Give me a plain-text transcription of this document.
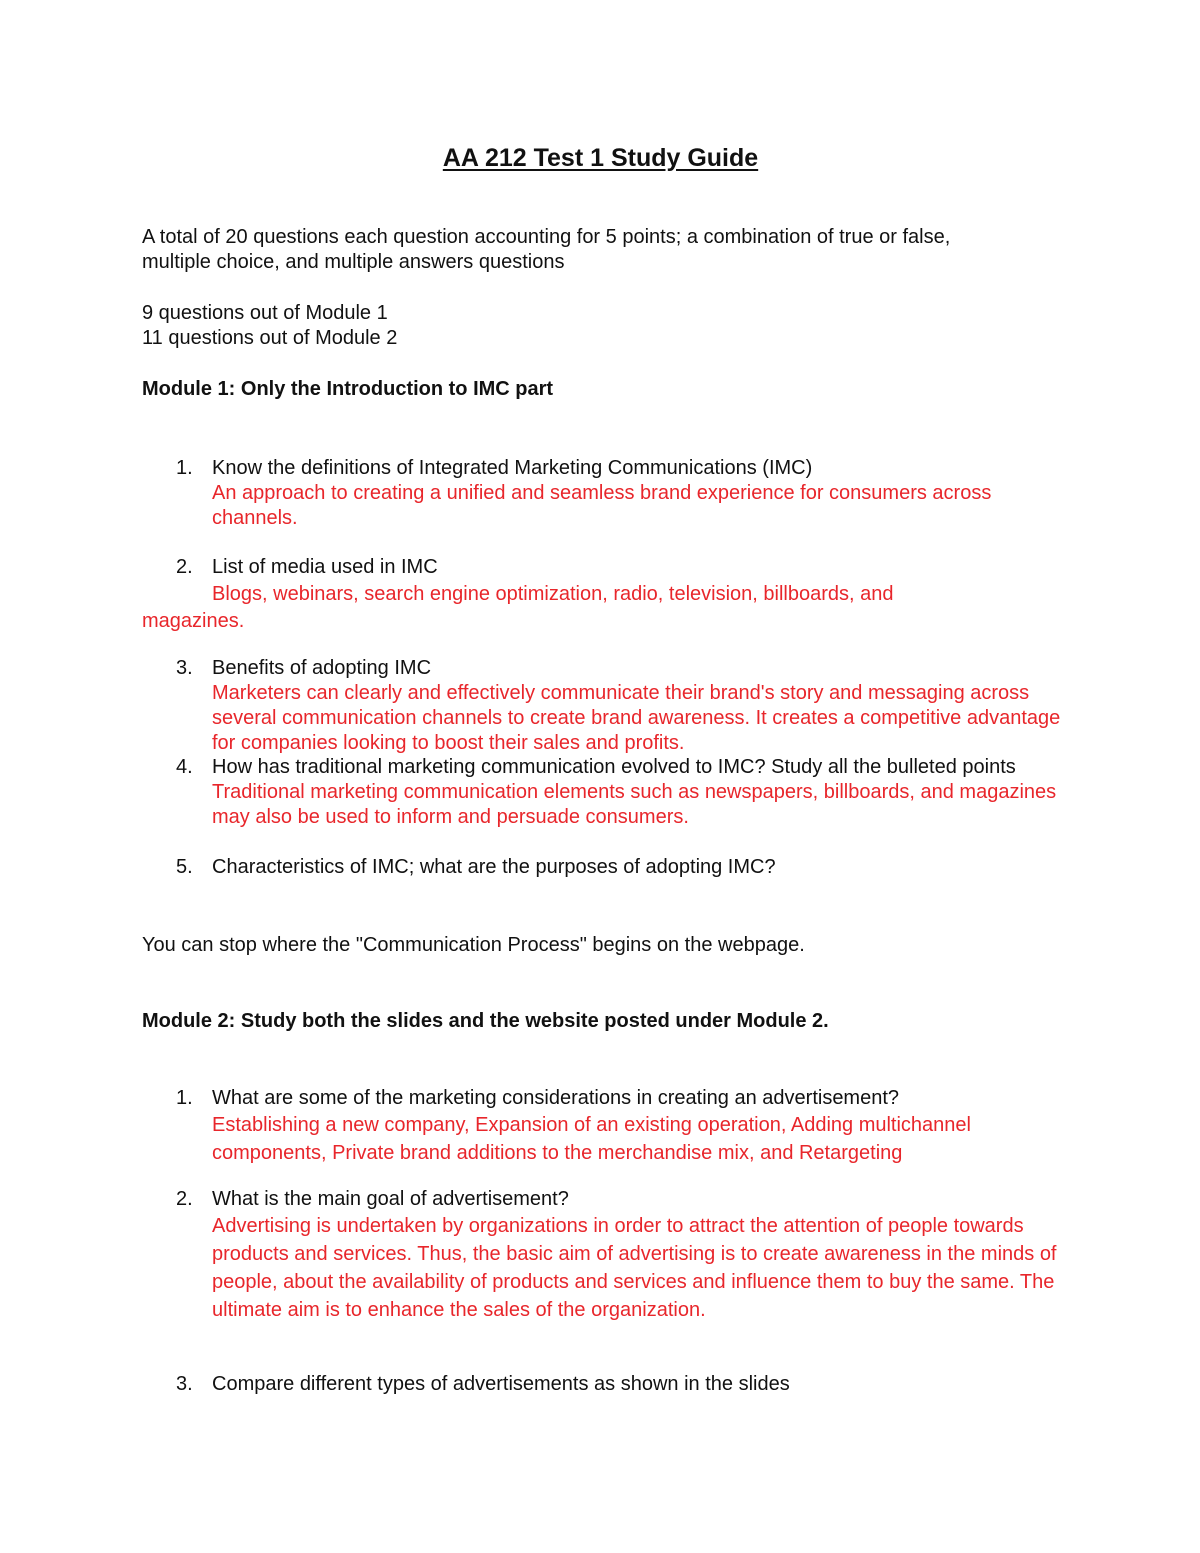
AA 212 Test 1 Study Guide
A total of 20 questions each question accounting for 5 points; a combination of true or false,
multiple choice, and multiple answers questions
9 questions out of Module 1
11 questions out of Module 2
Module 1: Only the Introduction to IMC part
1. Know the definitions of Integrated Marketing Communications (IMC)
An approach to creating a unified and seamless brand experience for consumers across channels.
2. List of media used in IMC
Blogs, webinars, search engine optimization, radio, television, billboards, and
magazines.
3. Benefits of adopting IMC
Marketers can clearly and effectively communicate their brand's story and messaging across several communication channels to create brand awareness. It creates a competitive advantage for companies looking to boost their sales and profits.
4. How has traditional marketing communication evolved to IMC? Study all the bulleted points
Traditional marketing communication elements such as newspapers, billboards, and magazines may also be used to inform and persuade consumers.
5. Characteristics of IMC; what are the purposes of adopting IMC?
You can stop where the "Communication Process" begins on the webpage.
Module 2: Study both the slides and the website posted under Module 2.
1. What are some of the marketing considerations in creating an advertisement?
Establishing a new company, Expansion of an existing operation, Adding multichannel components, Private brand additions to the merchandise mix, and Retargeting
2. What is the main goal of advertisement?
Advertising is undertaken by organizations in order to attract the attention of people towards products and services. Thus, the basic aim of advertising is to create awareness in the minds of people, about the availability of products and services and influence them to buy the same. The ultimate aim is to enhance the sales of the organization.
3. Compare different types of advertisements as shown in the slides
